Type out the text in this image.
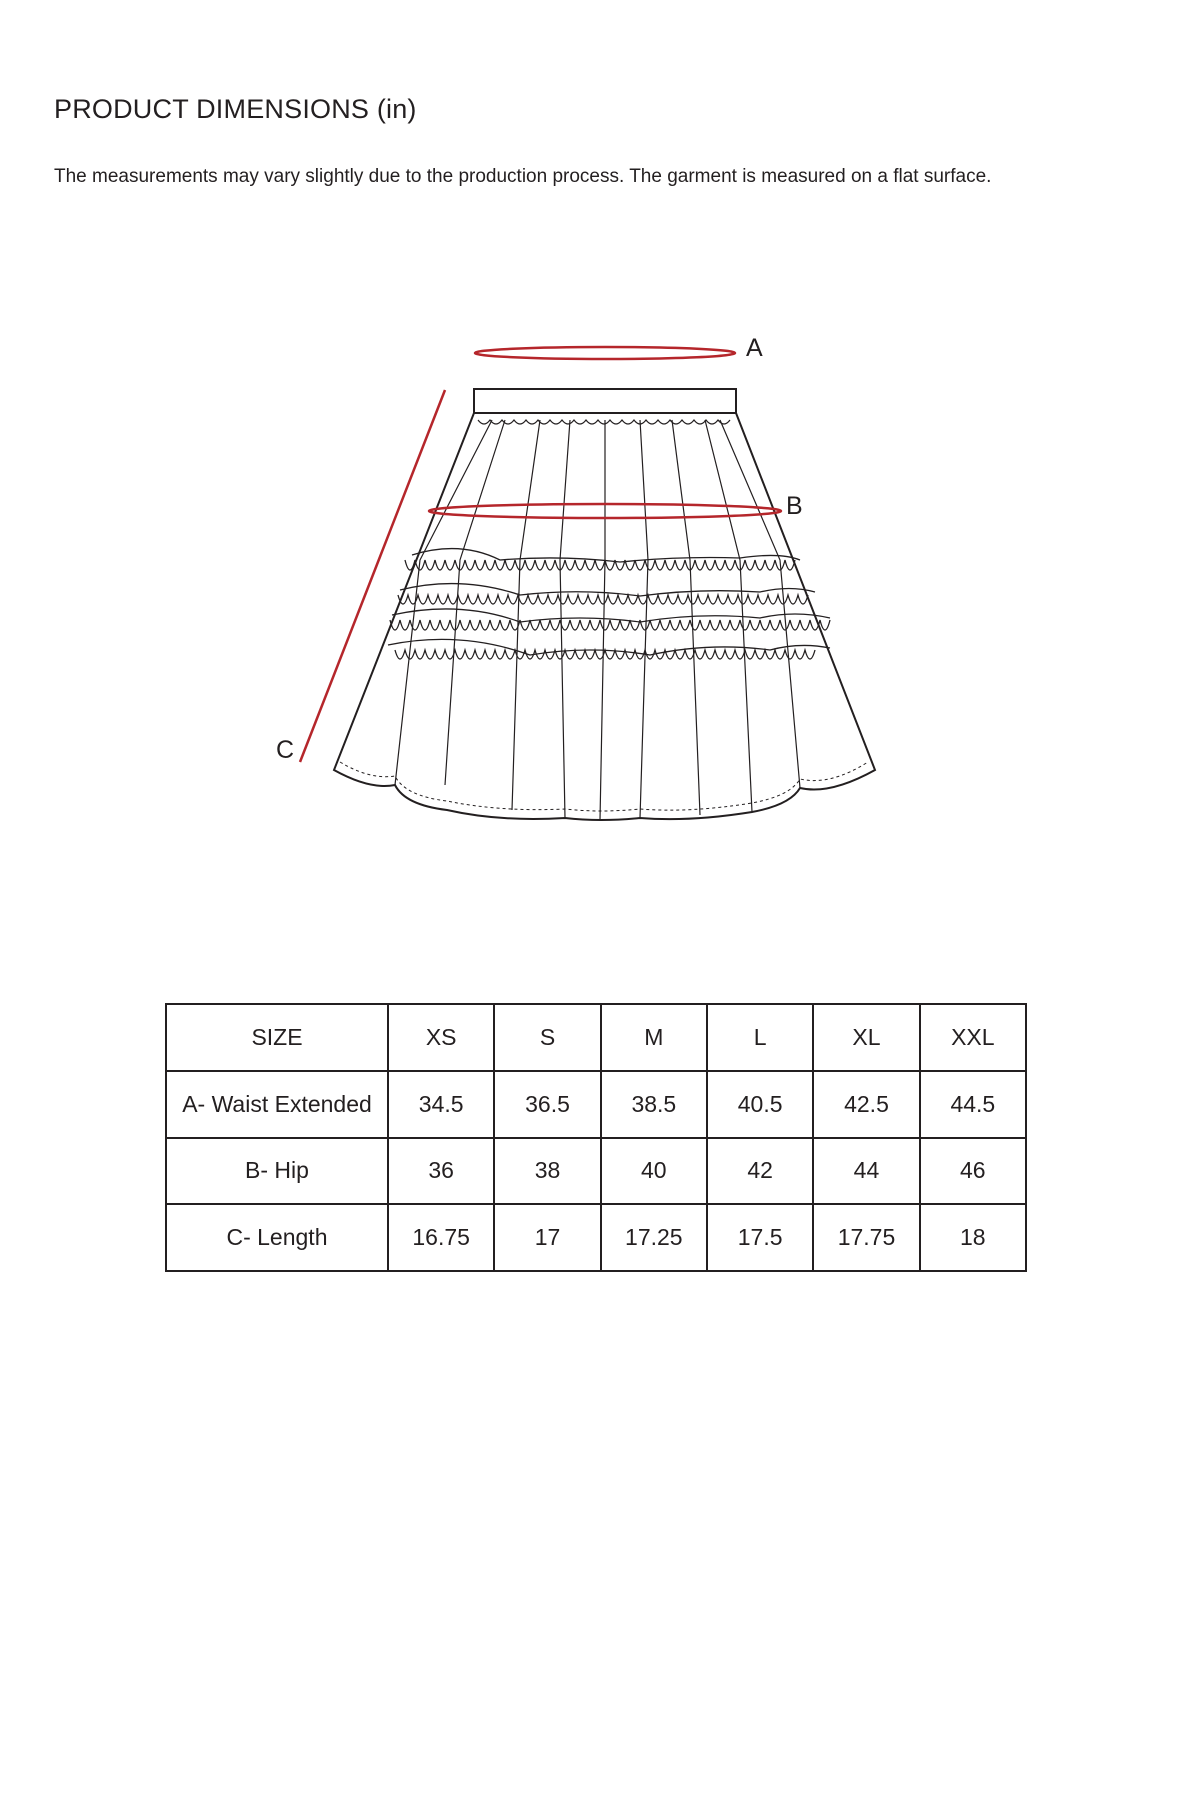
PRODUCT DIMENSIONS (in)
The measurements may vary slightly due to the production process. The garment is measured on a flat surface.
A
B
C
SIZE	XS	S	M	L	XL	XXL
A- Waist Extended	34.5	36.5	38.5	40.5	42.5	44.5
B- Hip	36	38	40	42	44	46
C- Length	16.75	17	17.25	17.5	17.75	18
